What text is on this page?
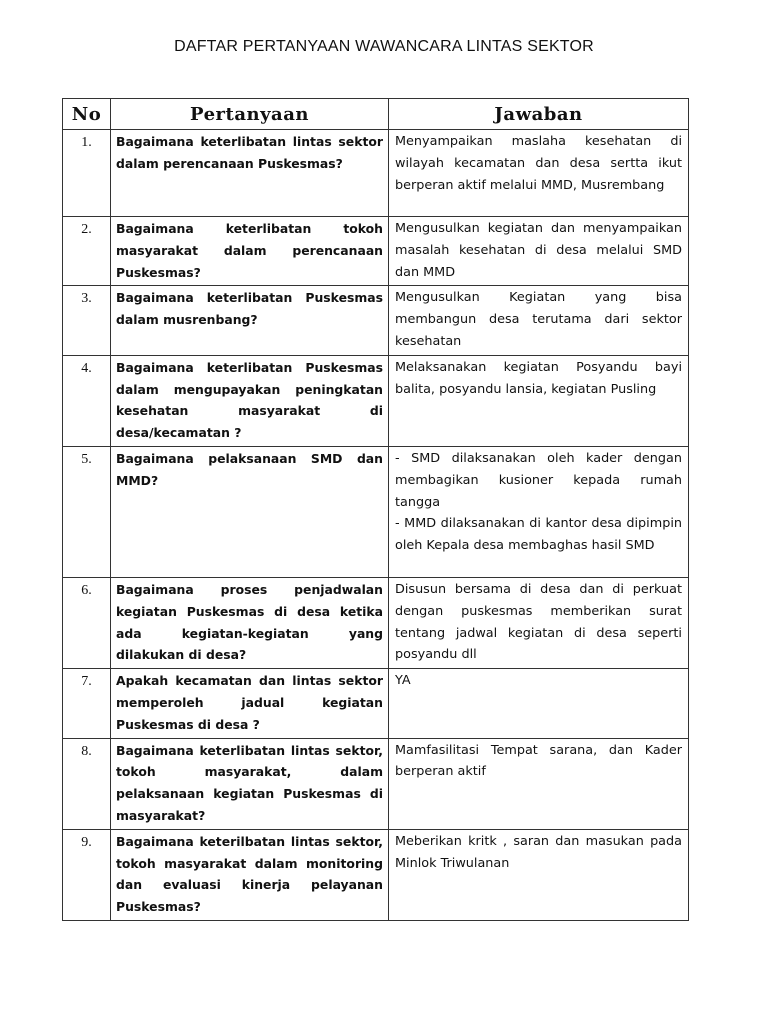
DAFTAR PERTANYAAN WAWANCARA LINTAS SEKTOR
No	Pertanyaan	Jawaban
1.	Bagaimana keterlibatan lintas sektor dalam perencanaan Puskesmas?	Menyampaikan maslaha kesehatan di wilayah kecamatan dan desa sertta ikut berperan aktif melalui MMD, Musrembang

2.	Bagaimana keterlibatan tokoh masyarakat dalam perencanaan Puskesmas?	Mengusulkan kegiatan dan menyampaikan masalah kesehatan di desa melalui SMD dan MMD

3.	Bagaimana keterlibatan Puskesmas dalam musrenbang?	Mengusulkan Kegiatan yang bisa membangun desa terutama dari sektor kesehatan

4.	Bagaimana keterlibatan Puskesmas dalam mengupayakan peningkatan kesehatan masyarakat di desa/kecamatan ?	Melaksanakan kegiatan Posyandu bayi balita, posyandu lansia, kegiatan Pusling

5.	Bagaimana pelaksanaan SMD dan MMD?	- SMD dilaksanakan oleh kader dengan membagikan kusioner kepada rumah tangga
- MMD dilaksanakan di kantor desa dipimpin oleh Kepala desa membaghas hasil SMD

6.	Bagaimana proses penjadwalan kegiatan Puskesmas di desa ketika ada kegiatan-kegiatan yang dilakukan di desa?	Disusun bersama di desa dan di perkuat dengan puskesmas memberikan surat tentang jadwal kegiatan di desa seperti posyandu dll

7.	Apakah kecamatan dan lintas sektor memperoleh jadual kegiatan Puskesmas di desa ?	YA

8.	Bagaimana keterlibatan lintas sektor, tokoh masyarakat, dalam pelaksanaan kegiatan Puskesmas di masyarakat?	Mamfasilitasi Tempat sarana, dan Kader berperan aktif

9.	Bagaimana keterilbatan lintas sektor, tokoh masyarakat dalam monitoring dan evaluasi kinerja pelayanan Puskesmas?	Meberikan kritk , saran dan masukan pada Minlok Triwulanan
